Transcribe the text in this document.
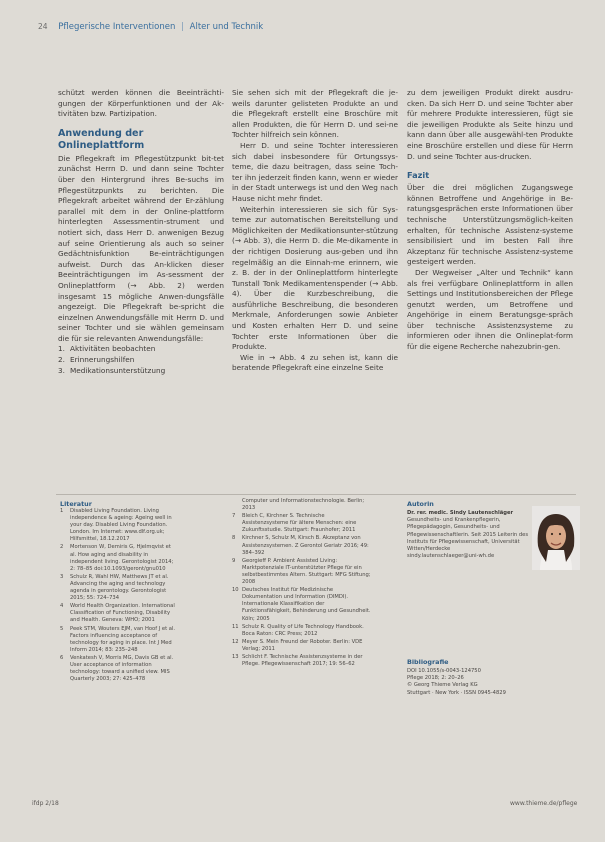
24 Pflegerische Interventionen | Alter und Technik

schützt werden können die Beeinträchti-gungen der Körperfunktionen und der Ak-tivitäten bzw. Partizipation.

Anwendung der Onlineplattform

Die Pflegekraft im Pflegestützpunkt bit-tet zunächst Herrn D. und dann seine Tochter über den Hintergrund ihres Be-suchs im Pflegestützpunkts zu berichten. Die Pflegekraft arbeitet während der Er-zählung parallel mit dem in der Online-plattform hinterlegten Assessmentin-strument und notiert sich, dass Herr D. anwenigen Bezug auf seine Orientierung als auch so seiner Gedächtnisfunktion Be-einträchtigungen aufweist. Durch das An-klicken dieser Beeinträchtigungen im As-sessment der Onlineplattform (→ Abb. 2) werden insgesamt 15 mögliche Anwen-dungsfälle angezeigt. Die Pflegekraft be-spricht die einzelnen Anwendungsfälle mit Herrn D. und seiner Tochter und sie wählen gemeinsam die für sie relevanten Anwendungsfälle:

1. Aktivitäten beobachten
2. Erinnerungshilfen
3. Medikationsunterstützung

Sie sehen sich mit der Pflegekraft die je-weils darunter gelisteten Produkte an und die Pflegekraft erstellt eine Broschüre mit allen Produkten, die für Herrn D. und sei-ne Tochter hilfreich sein können.

Herr D. und seine Tochter interessieren sich dabei insbesondere für Ortungssys-teme, die dazu beitragen, dass seine Toch-ter ihn jederzeit finden kann, wenn er wieder in der Stadt unterwegs ist und den Weg nach Hause nicht mehr findet.

Weiterhin interessieren sie sich für Sys-teme zur automatischen Bereitstellung und Möglichkeiten der Medikationsunter-stützung (→ Abb. 3), die Herrn D. die Me-dikamente in der richtigen Dosierung aus-geben und ihn regelmäßig an die Einnah-me erinnern, wie z. B. der in der Onlineplattform hinterlegte Tunstall Tonk Medikamentenspender (→ Abb. 4). Über die Kurzbeschreibung, die ausführliche Beschreibung, die besonderen Merkmale, Anforderungen sowie Anbieter und Kosten erhalten Herr D. und seine Tochter erste Informationen über die Produkte.

Wie in → Abb. 4 zu sehen ist, kann die beratende Pflegekraft eine einzelne Seite

zu dem jeweiligen Produkt direkt ausdru-cken. Da sich Herr D. und seine Tochter aber für mehrere Produkte interessieren, fügt sie die jeweiligen Produkte als Seite hinzu und kann dann über alle ausgewähl-ten Produkte eine Broschüre erstellen und diese für Herrn D. und seine Tochter aus-drucken.

Fazit

Über die drei möglichen Zugangswege können Betroffene und Angehörige in Be-ratungsgesprächen erste Informationen über technische Unterstützungsmöglich-keiten erhalten, für technische Assistenz-systeme sensibilisiert und im besten Fall ihre Akzeptanz für technische Assistenz-systeme gesteigert werden.

Der Wegweiser „Alter und Technik“ kann als frei verfügbare Onlineplattform in allen Settings und Institutionsbereichen der Pflege genutzt werden, um Betroffene und Angehörige in einem Beratungsge-spräch über technische Assistenzsysteme zu informieren oder ihnen die Onlineplat-form für die eigene Recherche nahezubrin-gen.

Literatur
1	Disabled Living Foundation. Living independence & ageing: Ageing well in your day. Disabled Living Foundation. London. Im Internet: www.dlf.org.uk; Hilfsmittel, 18.12.2017
2	Mortenson W, Demiris G, Hjelmqvist et al. How aging and disability in independent living. Gerontologist 2014; 2: 78–85 doi:10.1093/geront/gnu010
3	Schulz R, Wahl HW, Matthews JT et al. Advancing the aging and technology agenda in gerontology. Gerontologist 2015; 55: 724–734
4	World Health Organization. International Classification of Functioning, Disability and Health. Geneva: WHO; 2001
5	Peek STM, Wouters EJM, van Hoof J et al. Factors influencing acceptance of technology for aging in place. Int J Med Inform 2014; 83: 235–248
6	Venkatesh V, Morris MG, Davis GB et al. User acceptance of information technology: toward a unified view. MIS Quarterly 2003; 27: 425–478
Computer und Informationstechnologie. Berlin; 2013
7	Bleich C, Kirchner S. Technische Assistenzsysteme für ältere Menschen: eine Zukunftsstudie. Stuttgart: Fraunhofer; 2011
8	Kirchner S, Schulz M, Kirsch B. Akzeptanz von Assistenzsystemen. Z Gerontol Geriatr 2016; 49: 384–392
9	Georgieff P. Ambient Assisted Living: Marktpotenziale IT-unterstützter Pflege für ein selbstbestimmtes Altern. Stuttgart: MFG Stiftung; 2008
10 Deutsches Institut für Medizinische Dokumentation und Information (DIMDI). Internationale Klassifikation der Funktionsfähigkeit, Behinderung und Gesundheit. Köln; 2005
11 Schulz R. Quality of Life Technology Handbook. Boca Raton: CRC Press; 2012
12 Meyer S. Mein Freund der Roboter. Berlin: VDE Verlag; 2011
13 Schlicht F. Technische Assistenzsysteme in der Pflege. Pflegewissenschaft 2017; 19: 56–62
Autorin
Dr. rer. medic. Sindy Lautenschläger
Gesundheits- und Krankenpflegerin, Pflegepädagogin, Gesundheits- und Pflegewissenschaftlerin. Seit 2015 Leiterin des Instituts für Pflegewissenschaft, Universität Witten/Herdecke
sindy.lautenschlaeger@uni-wh.de
Bibliografie
DOI 10.1055/s-0043-124750
Pflege 2018; 2: 20–26
© Georg Thieme Verlag KG
Stuttgart · New York · ISSN 0945-4829
ifdp 2/18	www.thieme.de/pflege
